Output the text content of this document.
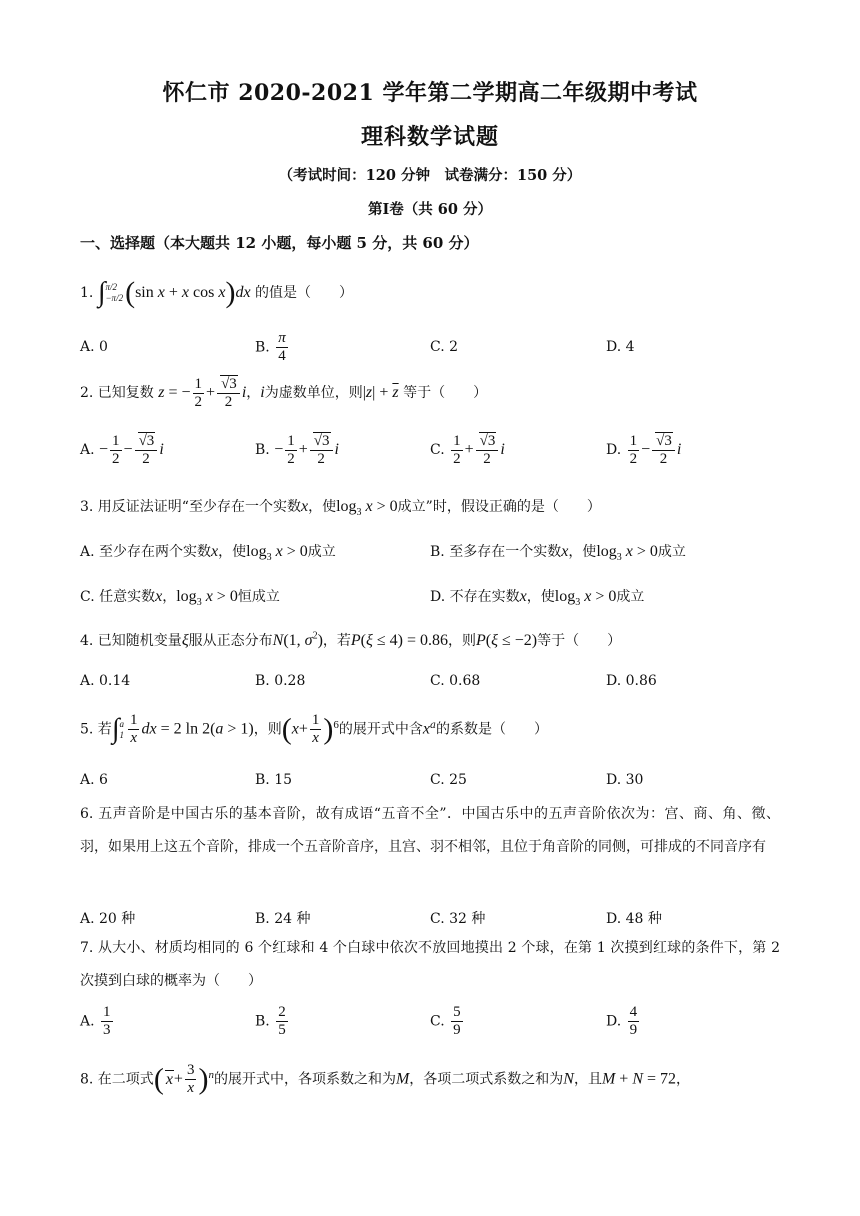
怀仁市 2020-2021 学年第二学期高二年级期中考试
理科数学试题
（考试时间：120 分钟　试卷满分：150 分）
第Ⅰ卷（共 60 分）
一、选择题（本大题共 12 小题，每小题 5 分，共 60 分）
1. ∫π/2
−π/2(sin x + x cos x)dx 的值是（　　）
A. 0	B. $\frac{\pi}{4}$	C. 2	D. 4
2. 已知复数 z = − $\frac{1}{2} + \frac{√3}{2}$ i，i为虚数单位，则$|z| + \overline{z}$ 等于（　　）
A. − $\frac{1}{2} - \frac{√3}{2}$ i	B. − $\frac{1}{2} + \frac{√3}{2}$ i	C. $\frac{1}{2} + \frac{√3}{2}$ i	D. $\frac{1}{2} - \frac{√3}{2}$ i
3. 用反证法证明“至少存在一个实数x，使$\log_3 x > 0$成立”时，假设正确的是（　　）
A. 至少存在两个实数x，使$\log_3 x > 0$成立	B. 至多存在一个实数x，使$\log_3 x > 0$成立
C. 任意实数x，$\log_3 x > 0$恒成立	D. 不存在实数x，使$\log_3 x > 0$成立
4. 已知随机变量ξ服从正态分布N(1, $\sigma^2$)，若P(ξ ≤ 4) = 0.86，则P(ξ ≤ −2)等于（　　）
A. 0.14	B. 0.28	C. 0.68	D. 0.86
5. 若∫a
$1 \frac{1}{x}$ dx = 2 ln 2(a > 1)，则$(x+ \frac{1}{x} )^6$的展开式中含$x^a$的系数是（　　）
A. 6	B. 15	C. 25	D. 30
6. 五声音阶是中国古乐的基本音阶，故有成语“五音不全”．中国古乐中的五声音阶依次为：宫、商、角、徵、羽，如果用上这五个音阶，排成一个五音阶音序，且宫、羽不相邻，且位于角音阶的同侧，可排成的不同音序有
A. 20 种	B. 24 种	C. 32 种	D. 48 种
7. 从大小、材质均相同的 6 个红球和 4 个白球中依次不放回地摸出 2 个球，在第 1 次摸到红球的条件下，第 2 次摸到白球的概率为（　　）
A. $\frac{1}{3}$	B. $\frac{2}{5}$	C. $\frac{5}{9}$	D. $\frac{4}{9}$
8. 在二项式( $x+ \frac{3}{x} )^n$的展开式中，各项系数之和为M，各项二项式系数之和为N，且M + N = 72，
